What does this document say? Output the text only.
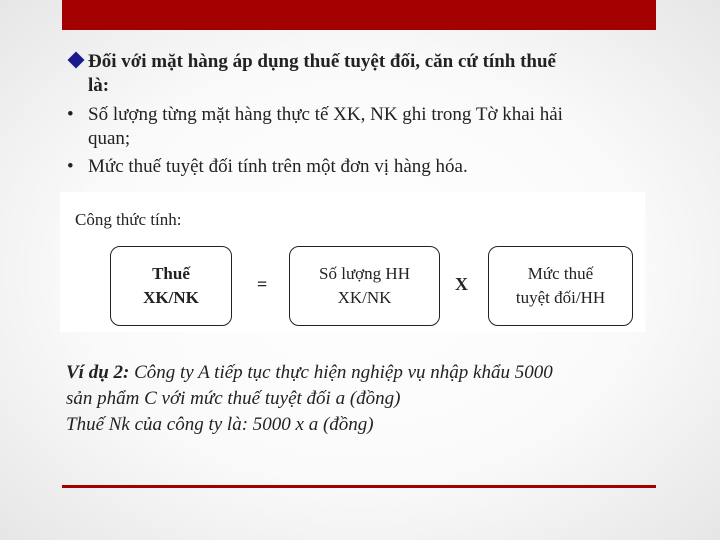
Đối với mặt hàng áp dụng thuế tuyệt đối, căn cứ tính thuế
là:
• Số lượng từng mặt hàng thực tế XK, NK ghi trong Tờ khai hải
quan;
• Mức thuế tuyệt đối tính trên một đơn vị hàng hóa.
Công thức tính:
Thuế
XK/NK
=
Số lượng HH
XK/NK
X
Mức thuế
tuyệt đối/HH
Ví dụ 2: Công ty A tiếp tục thực hiện nghiệp vụ nhập khẩu 5000
sản phẩm C với mức thuế tuyệt đối a (đồng)
Thuế Nk của công ty là: 5000 x a (đồng)
